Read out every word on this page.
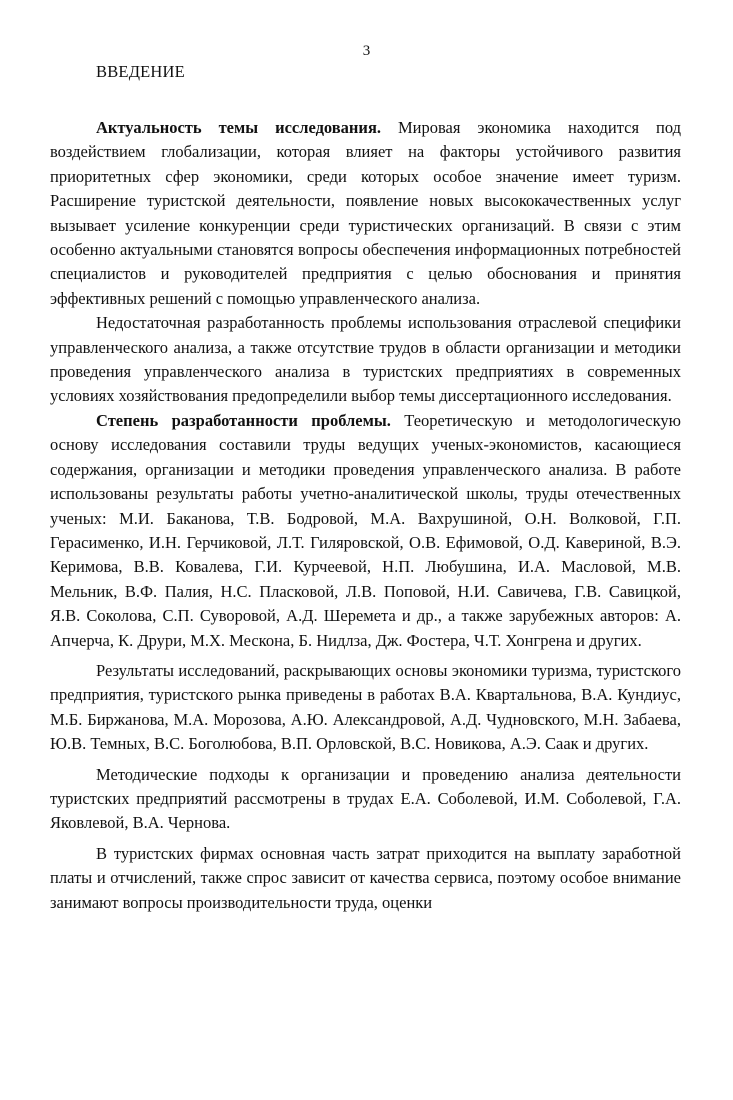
3
ВВЕДЕНИЕ

Актуальность темы исследования. Мировая экономика находится под воздействием глобализации, которая влияет на факторы устойчивого развития приоритетных сфер экономики, среди которых особое значение имеет туризм. Расширение туристской деятельности, появление новых высококачественных услуг вызывает усиление конкуренции среди туристических организаций. В связи с этим особенно актуальными становятся вопросы обеспечения информационных потребностей специалистов и руководителей предприятия с целью обоснования и принятия эффективных решений с помощью управленческого анализа.

Недостаточная разработанность проблемы использования отраслевой специфики управленческого анализа, а также отсутствие трудов в области организации и методики проведения управленческого анализа в туристских предприятиях в современных условиях хозяйствования предопределили выбор темы диссертационного исследования.

Степень разработанности проблемы. Теоретическую и методологическую основу исследования составили труды ведущих ученых-экономистов, касающиеся содержания, организации и методики проведения управленческого анализа. В работе использованы результаты работы учетно-аналитической школы, труды отечественных ученых: М.И. Баканова, Т.В. Бодровой, М.А. Вахрушиной, О.Н. Волковой, Г.П. Герасименко, И.Н. Герчиковой, Л.Т. Гиляровской, О.В. Ефимовой, О.Д. Кавериной, В.Э. Керимова, В.В. Ковалева, Г.И. Курчеевой, Н.П. Любушина, И.А. Масловой, М.В. Мельник, В.Ф. Палия, Н.С. Пласковой, Л.В. Поповой, Н.И. Савичева, Г.В. Савицкой, Я.В. Соколова, С.П. Суворовой, А.Д. Шеремета и др., а также зарубежных авторов: А. Апчерча, К. Друри, М.Х. Мескона, Б. Нидлза, Дж. Фостера, Ч.Т. Хонгрена и других.

Результаты исследований, раскрывающих основы экономики туризма, туристского предприятия, туристского рынка приведены в работах В.А. Квартальнова, В.А. Кундиус, М.Б. Биржанова, М.А. Морозова, А.Ю. Александровой, А.Д. Чудновского, М.Н. Забаева, Ю.В. Темных, В.С. Боголюбова, В.П. Орловской, В.С. Новикова, А.Э. Саак и других.

Методические подходы к организации и проведению анализа деятельности туристских предприятий рассмотрены в трудах Е.А. Соболевой, И.М. Соболевой, Г.А. Яковлевой, В.А. Чернова.

В туристских фирмах основная часть затрат приходится на выплату заработной платы и отчислений, также спрос зависит от качества сервиса, поэтому особое внимание занимают вопросы производительности труда, оценки
